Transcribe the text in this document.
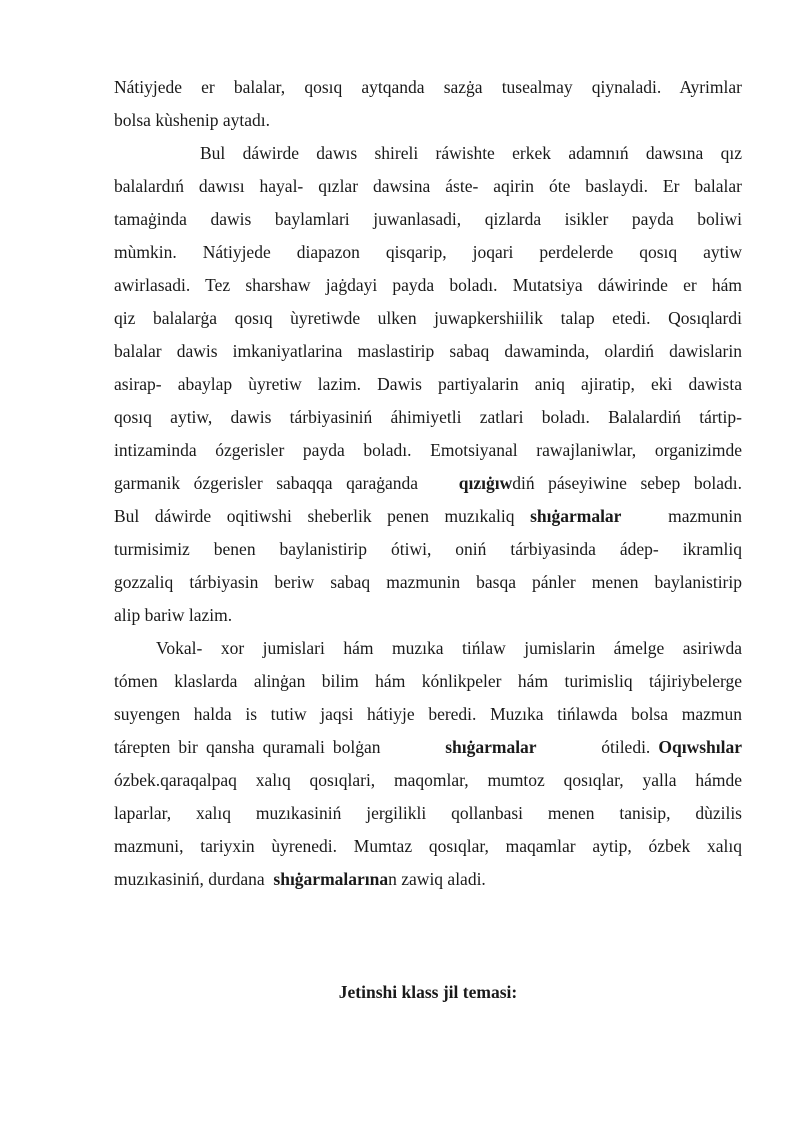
Nátiyjede er balalar, qosıq aytqanda sazġa tusealmay qiynaladi. Ayrimlar
bolsa kùshenip aytadı.
Bul dáwirde dawıs shireli ráwishte erkek adamnıń dawsına qız
balalardıń dawısı hayal- qızlar dawsina áste- aqirin óte baslaydi. Er balalar
tamaġinda dawis baylamlari juwanlasadi, qizlarda isikler payda boliwi
mùmkin. Nátiyjede diapazon qisqarip, joqari perdelerde qosıq aytiw
awirlasadi. Tez sharshaw jaġdayi payda boladı. Mutatsiya dáwirinde er hám
qiz balalarġa qosıq ùyretiwde ulken juwapkershiilik talap etedi. Qosıqlardi
balalar dawis imkaniyatlarina maslastirip sabaq dawaminda, olardiń dawislarin
asirap- abaylap ùyretiw lazim. Dawis partiyalarin aniq ajiratip, eki dawista
qosıq aytiw, dawis tárbiyasiniń áhimiyetli zatlari boladı. Balalardiń tártip-
intizaminda ózgerisler payda boladı. Emotsiyanal rawajlaniwlar, organizimde
garmanik ózgerisler sabaqqa qaraġanda qızıġıwdiń páseyiwine sebep boladı.
Bul dáwirde oqitiwshi sheberlik penen muzıkaliq shıġarmalar	mazmunin
turmisimiz benen baylanistirip ótiwi, oniń tárbiyasinda ádep- ikramliq
gozzaliq tárbiyasin beriw sabaq mazmunin basqa pánler menen baylanistirip
alip bariw lazim.
Vokal- xor jumislari hám muzıka tińlaw jumislarin ámelge asiriwda
tómen klaslarda alinġan bilim hám kónlikpeler hám turimisliq tájiriybelerge
suyengen halda is tutiw jaqsi hátiyje beredi. Muzıka tińlawda bolsa mazmun
tárepten bir qansha quramali bolġan	shıġarmalar	ótiledi. Oqıwshılar
ózbek.qaraqalpaq xalıq qosıqlari, maqomlar, mumtoz qosıqlar, yalla hámde
laparlar, xalıq muzıkasiniń jergilikli qollanbasi menen tanisip, dùzilis
mazmuni, tariyxin ùyrenedi. Mumtaz qosıqlar, maqamlar aytip, ózbek xalıq
muzıkasiniń, durdana shıġarmalarınan zawiq aladi.
Jetinshi klass jil temasi:
